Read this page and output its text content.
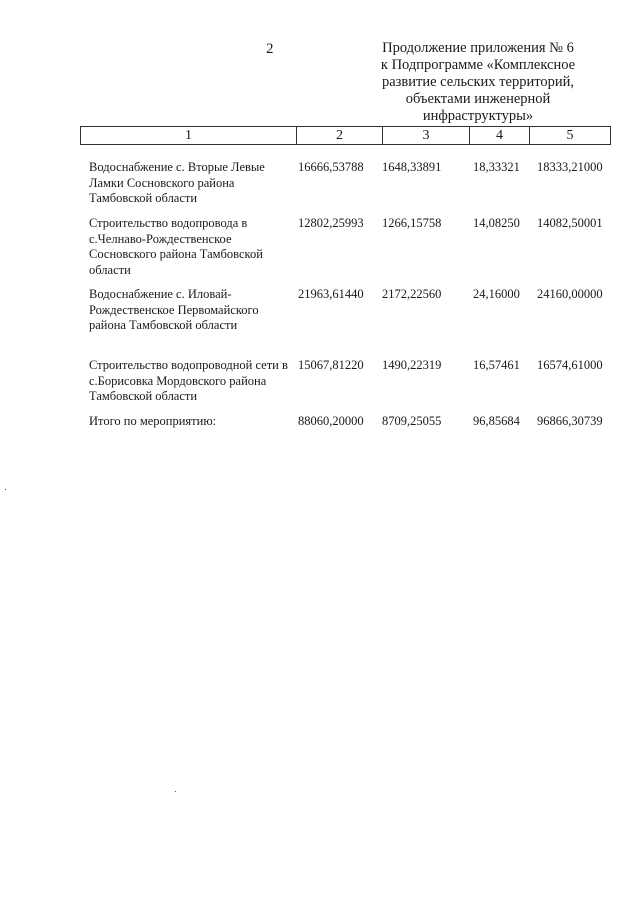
2	Продолжение приложения № 6
к Подпрограмме «Комплексное
развитие сельских территорий,
объектами инженерной
инфраструктуры»
1	2	3	4	5
Водоснабжение с. Вторые Левые Ламки Сосновского района Тамбовской области
16666,53788 1648,33891	18,33321 18333,21000
Строительство водопровода в с.Челнаво-Рождественское Сосновского района Тамбовской области
12802,25993 1266,15758	14,08250 14082,50001
Водоснабжение с. Иловай-Рождественское Первомайского района Тамбовской области
21963,61440 2172,22560	24,16000 24160,00000
Строительство водопроводной сети в с.Борисовка Мордовского района Тамбовской области
15067,81220 1490,22319	16,57461 16574,61000
Итого по мероприятию:	88060,20000 8709,25055	96,85684 96866,30739
